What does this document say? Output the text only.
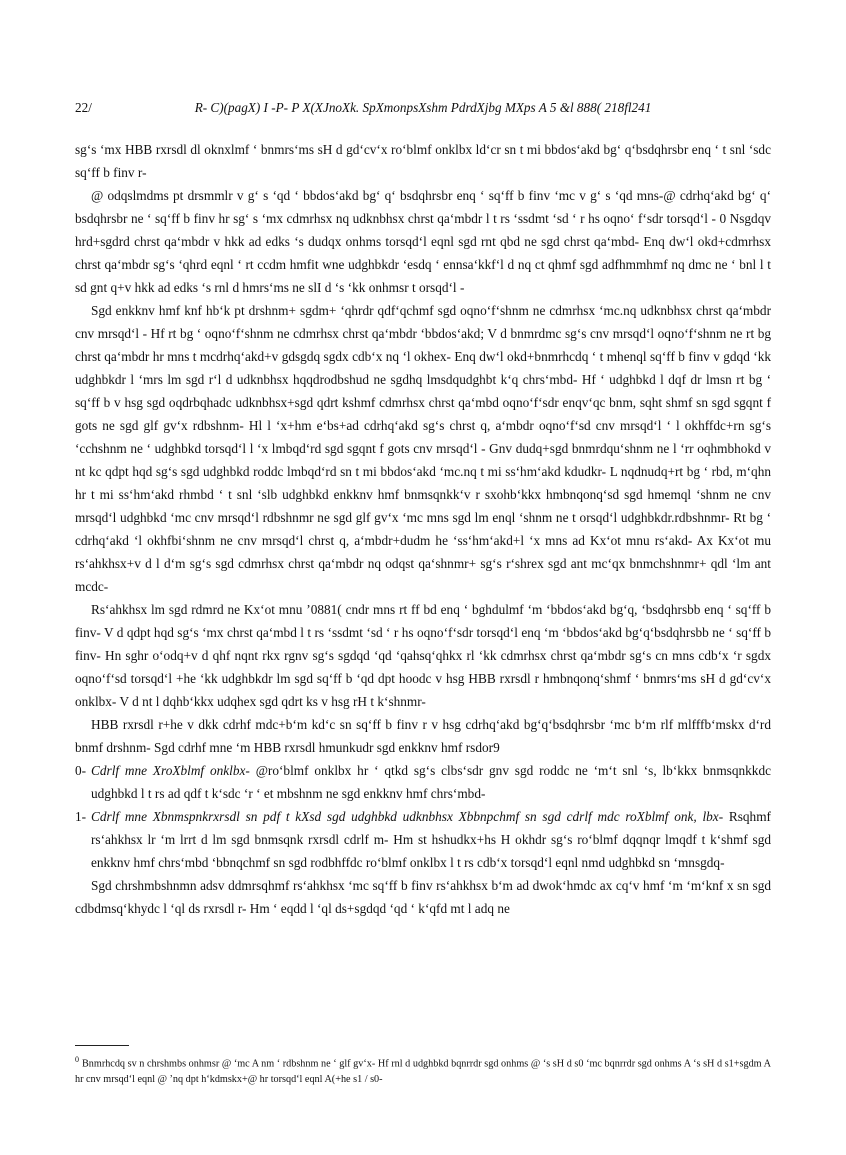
22/	R- C)(pagX) I -P- P X(XJnoXk. SpXmonpsXshm PdrdXjbg MXps A 5 &l 888( 218fl241

sg‘s ‘mx HBB rxrsdl dl oknxlmf ‘ bnmrs‘ms sH d gd‘cv‘x ro‘blmf onklbx ld‘cr sn t mi bbdos‘akd bg‘ q‘bsdqhrsbr enq ‘ t snl ‘sdc sq‘ff b finv r-

@ odqslmdms pt drsmmlr v g‘ s ‘qd ‘ bbdos‘akd bg‘ q‘ bsdqhrsbr enq ‘ sq‘ff b finv ‘mc v g‘ s ‘qd mns-@ cdrhq‘akd bg‘ q‘ bsdqhrsbr ne ‘ sq‘ff b finv hr sg‘ s ‘mx cdmrhsx nq udknbhsx chrst qa‘mbdr l t rs ‘ssdmt ‘sd ‘ r hs oqno‘ f‘sdr torsqd‘l - 0 Nsgdqv hrd+sgdrd chrst qa‘mbdr v hkk ad edks ‘s dudqx onhms torsqd‘l eqnl sgd rnt qbd ne sgd chrst qa‘mbd- Enq dw‘l okd+cdmrhsx chrst qa‘mbdr sg‘s ‘qhrd eqnl ‘ rt ccdm hmfit wne udghbkdr ‘esdq ‘ ennsa‘kkf‘l d nq ct qhmf sgd adfhmmhmf nq dmc ne ‘ bnl l t sd gnt q+v hkk ad edks ‘s rnl d hmrs‘ms ne slI d ‘s ‘kk onhmsr t orsqd‘l -

Sgd enkknv hmf knf hb‘k pt drshnm+ sgdm+ ‘qhrdr qdf‘qchmf sgd oqno‘f‘shnm ne cdmrhsx ‘mc.nq udknbhsx chrst qa‘mbdr cnv mrsqd‘l - Hf rt bg ‘ oqno‘f‘shnm ne cdmrhsx chrst qa‘mbdr ‘bbdos‘akd; V d bnmrdmc sg‘s cnv mrsqd‘l oqno‘f‘shnm ne rt bg chrst qa‘mbdr hr mns t mcdrhq‘akd+v gdsgdq sgdx cdb‘x nq ‘l okhex- Enq dw‘l okd+bnmrhcdq ‘ t mhenql sq‘ff b finv v gdqd ‘kk udghbkdr l ‘mrs lm sgd r‘l d udknbhsx hqqdrodbshud ne sgdhq lmsdqudghbt k‘q chrs‘mbd- Hf ‘ udghbkd l dqf dr lmsn rt bg ‘ sq‘ff b v hsg sgd oqdrbqhadc udknbhsx+sgd qdrt kshmf cdmrhsx chrst qa‘mbd oqno‘f‘sdr enqv‘qc bnm, sqht shmf sn sgd sgqnt f gots ne sgd glf gv‘x rdbshnm- Hl l ‘x+hm e‘bs+ad cdrhq‘akd sg‘s chrst q, a‘mbdr oqno‘f‘sd cnv mrsqd‘l ‘ l okhffdc+rn sg‘s ‘cchshnm ne ‘ udghbkd torsqd‘l l ‘x lmbqd‘rd sgd sgqnt f gots cnv mrsqd‘l - Gnv dudq+sgd bnmrdqu‘shnm ne l ‘rr oqhmbhokd v nt kc qdpt hqd sg‘s sgd udghbkd roddc lmbqd‘rd sn t mi bbdos‘akd ‘mc.nq t mi ss‘hm‘akd kdudkr- L nqdnudq+rt bg ‘ rbd, m‘qhn hr t mi ss‘hm‘akd rhmbd ‘ t snl ‘slb udghbkd enkknv hmf bnmsqnkk‘v r sxohb‘kkx hmbnqonq‘sd sgd hmemql ‘shnm ne cnv mrsqd‘l udghbkd ‘mc cnv mrsqd‘l rdbshnmr ne sgd glf gv‘x ‘mc mns sgd lm enql ‘shnm ne t orsqd‘l udghbkdr.rdbshnmr- Rt bg ‘ cdrhq‘akd ‘l okhfbi‘shnm ne cnv mrsqd‘l chrst q, a‘mbdr+dudm he ‘ss‘hm‘akd+l ‘x mns ad Kx‘ot mnu rs‘akd- Ax Kx‘ot mu rs‘ahkhsx+v d l d‘m sg‘s sgd cdmrhsx chrst qa‘mbdr nq odqst qa‘shnmr+ sg‘s r‘shrex sgd ant mc‘qx bnmchshnmr+ qdl ‘lm ant mcdc-

Rs‘ahkhsx lm sgd rdmrd ne Kx‘ot mnu ’0881( cndr mns rt ff bd enq ‘ bghdulmf ‘m ‘bbdos‘akd bg‘q, ‘bsdqhrsbb enq ‘ sq‘ff b finv- V d qdpt hqd sg‘s ‘mx chrst qa‘mbd l t rs ‘ssdmt ‘sd ‘ r hs oqno‘f‘sdr torsqd‘l enq ‘m ‘bbdos‘akd bg‘q‘bsdqhrsbb ne ‘ sq‘ff b finv- Hn sghr o‘odq+v d qhf nqnt rkx rgnv sg‘s sgdqd ‘qd ‘qahsq‘qhkx rl ‘kk cdmrhsx chrst qa‘mbdr sg‘s cn mns cdb‘x ‘r sgdx oqno‘f‘sd torsqd‘l +he ‘kk udghbkdr lm sgd sq‘ff b ‘qd dpt hoodc v hsg HBB rxrsdl r hmbnqonq‘shmf ‘ bnmrs‘ms sH d gd‘cv‘x onklbx- V d nt l dqhb‘kkx udqhex sgd qdrt ks v hsg rH t k‘shnmr-

HBB rxrsdl r+he v dkk cdrhf mdc+b‘m kd‘c sn sq‘ff b finv r v hsg cdrhq‘akd bg‘q‘bsdqhrsbr ‘mc b‘m rlf mlfffb‘mskx d‘rd bnmf drshnm- Sgd cdrhf mne ‘m HBB rxrsdl hmunkudr sgd enkknv hmf rsdor9

0- Cdrlf mne XroXblmf onklbx- @ro‘blmf onklbx hr ‘ qtkd sg‘s clbs‘sdr gnv sgd roddc ne ‘m‘t snl ‘s, lb‘kkx bnmsqnkkdc udghbkd l t rs ad qdf t k‘sdc ‘r ‘ et mbshnm ne sgd enkknv hmf chrs‘mbd-
1- Cdrlf mne Xbnmspnkrxrsdl sn pdf t kXsd sgd udghbkd udknbhsx Xbbnpchmf sn sgd cdrlf mdc roXblmf onk, lbx- Rsqhmf rs‘ahkhsx lr ‘m lrrt d lm sgd bnmsqnk rxrsdl cdrlf m- Hm st hshudkx+hs H okhdr sg‘s ro‘blmf dqqnqr lmqdf t k‘shmf sgd enkknv hmf chrs‘mbd ‘bbnqchmf sn sgd rodbhffdc ro‘blmf onklbx l t rs cdb‘x torsqd‘l eqnl nmd udghbkd sn ‘mnsgdq-

Sgd chrshmbshnmn adsv ddmrsqhmf rs‘ahkhsx ‘mc sq‘ff b finv rs‘ahkhsx b‘m ad dwok‘hmdc ax cq‘v hmf ‘m ‘m‘knf x sn sgd cdbdmsq‘khydc l ‘ql ds rxrsdl r- Hm ‘ eqdd l ‘ql ds+sgdqd ‘qd ‘ k‘qfd mt l adq ne

$^0$ Bnmrhcdq sv n chrshmbs onhmsr @ ‘mc A nm ‘ rdbshnm ne ‘ glf gv‘x- Hf rnl d udghbkd bqnrrdr sgd onhms @ ‘s sH d s0 ‘mc bqnrrdr sgd onhms A ‘s sH d s1+sgdm A hr cnv mrsqd‘l eqnl @ ’nq dpt h‘kdmskx+@ hr torsqd‘l eqnl A(+he s1 / s0-
